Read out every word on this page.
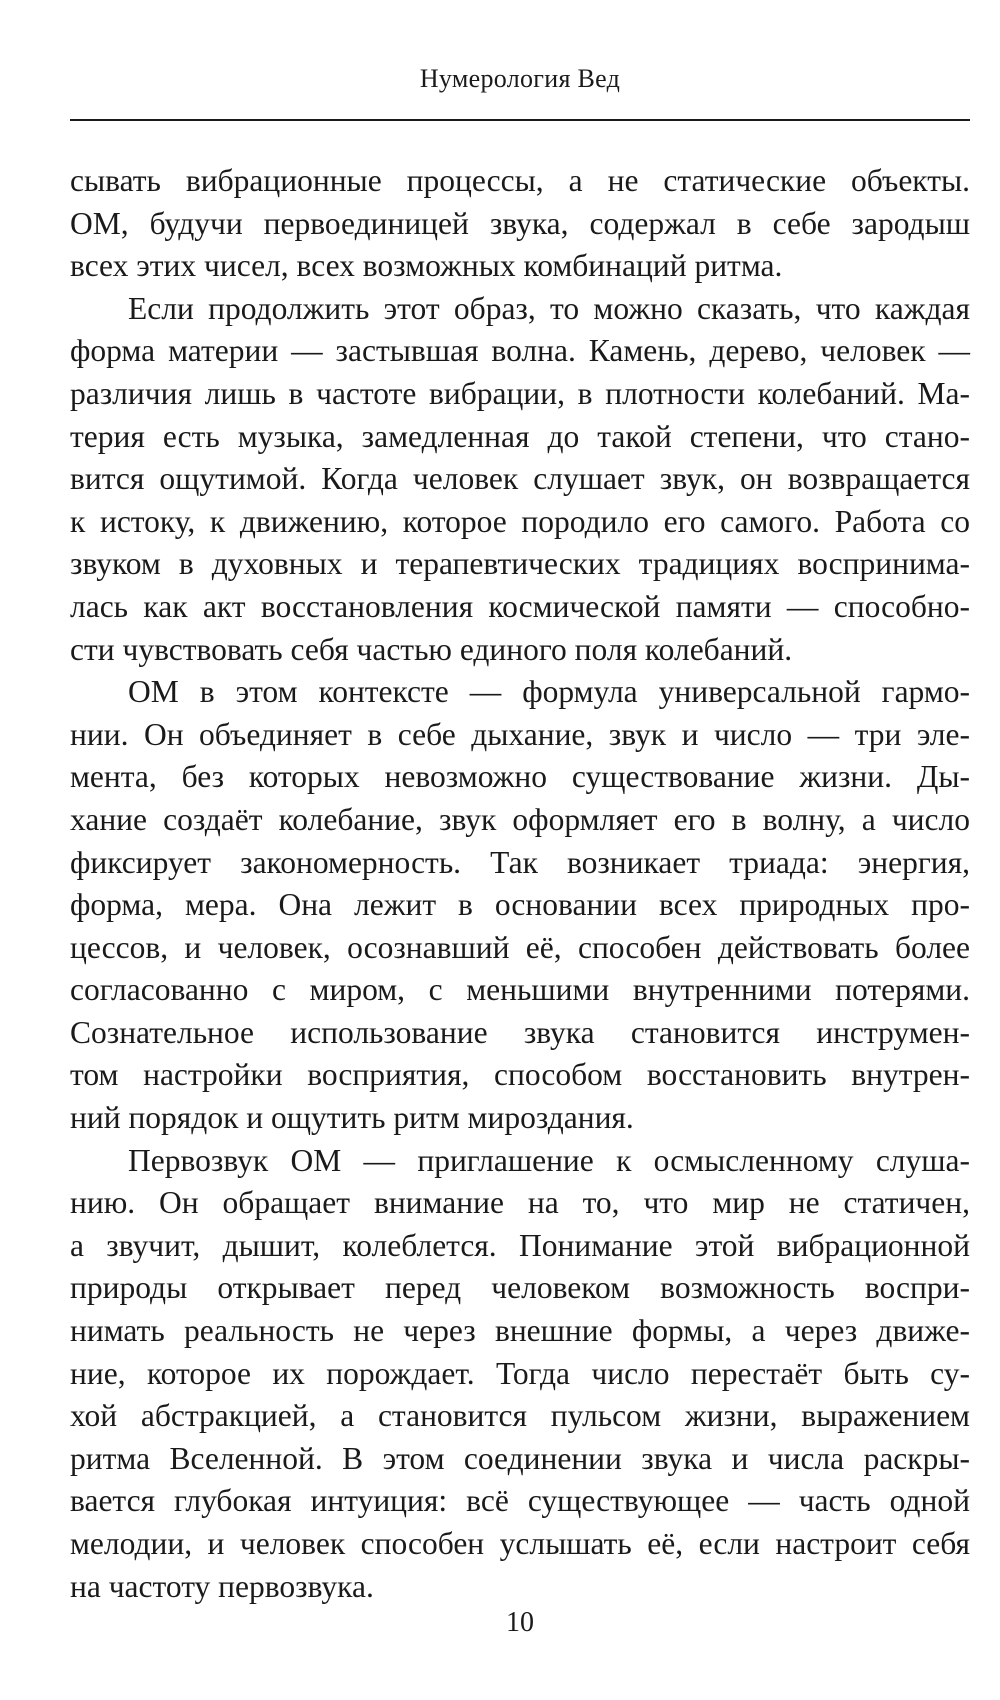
Нумерология Вед
сывать вибрационные процессы, а не статические объекты.
ОМ, будучи первоединицей звука, содержал в себе зародыш
всех этих чисел, всех возможных комбинаций ритма.
Если продолжить этот образ, то можно сказать, что каждая
форма материи — застывшая волна. Камень, дерево, человек —
различия лишь в частоте вибрации, в плотности колебаний. Ма-
терия есть музыка, замедленная до такой степени, что стано-
вится ощутимой. Когда человек слушает звук, он возвращается
к истоку, к движению, которое породило его самого. Работа со
звуком в духовных и терапевтических традициях воспринима-
лась как акт восстановления космической памяти — способно-
сти чувствовать себя частью единого поля колебаний.
ОМ в этом контексте — формула универсальной гармо-
нии. Он объединяет в себе дыхание, звук и число — три эле-
мента, без которых невозможно существование жизни. Ды-
хание создаёт колебание, звук оформляет его в волну, а число
фиксирует закономерность. Так возникает триада: энергия,
форма, мера. Она лежит в основании всех природных про-
цессов, и человек, осознавший её, способен действовать более
согласованно с миром, с меньшими внутренними потерями.
Сознательное использование звука становится инструмен-
том настройки восприятия, способом восстановить внутрен-
ний порядок и ощутить ритм мироздания.
Первозвук ОМ — приглашение к осмысленному слуша-
нию. Он обращает внимание на то, что мир не статичен,
а звучит, дышит, колеблется. Понимание этой вибрационной
природы открывает перед человеком возможность воспри-
нимать реальность не через внешние формы, а через движе-
ние, которое их порождает. Тогда число перестаёт быть су-
хой абстракцией, а становится пульсом жизни, выражением
ритма Вселенной. В этом соединении звука и числа раскры-
вается глубокая интуиция: всё существующее — часть одной
мелодии, и человек способен услышать её, если настроит себя
на частоту первозвука.
10
